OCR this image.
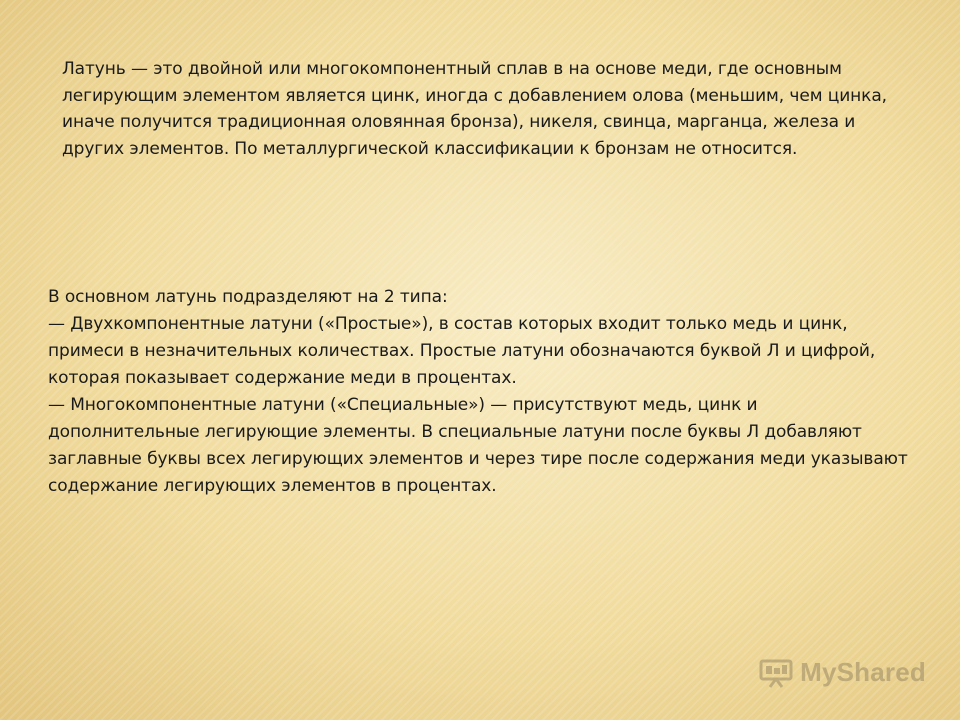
Латунь — это двойной или многокомпонентный сплав в на основе меди, где основным легирующим элементом является цинк, иногда с добавлением олова (меньшим, чем цинка, иначе получится традиционная оловянная бронза), никеля, свинца, марганца, железа и других элементов. По металлургической классификации к бронзам не относится.
В основном латунь подразделяют на 2 типа:
— Двухкомпонентные латуни («Простые»), в состав которых входит только медь и цинк, примеси в незначительных количествах. Простые латуни обозначаются буквой Л и цифрой, которая показывает содержание меди в процентах.
— Многокомпонентные латуни («Специальные») — присутствуют медь, цинк и дополнительные легирующие элементы. В специальные латуни после буквы Л добавляют заглавные буквы всех легирующих элементов и через тире после содержания меди указывают содержание легирующих элементов в процентах.
MyShared
